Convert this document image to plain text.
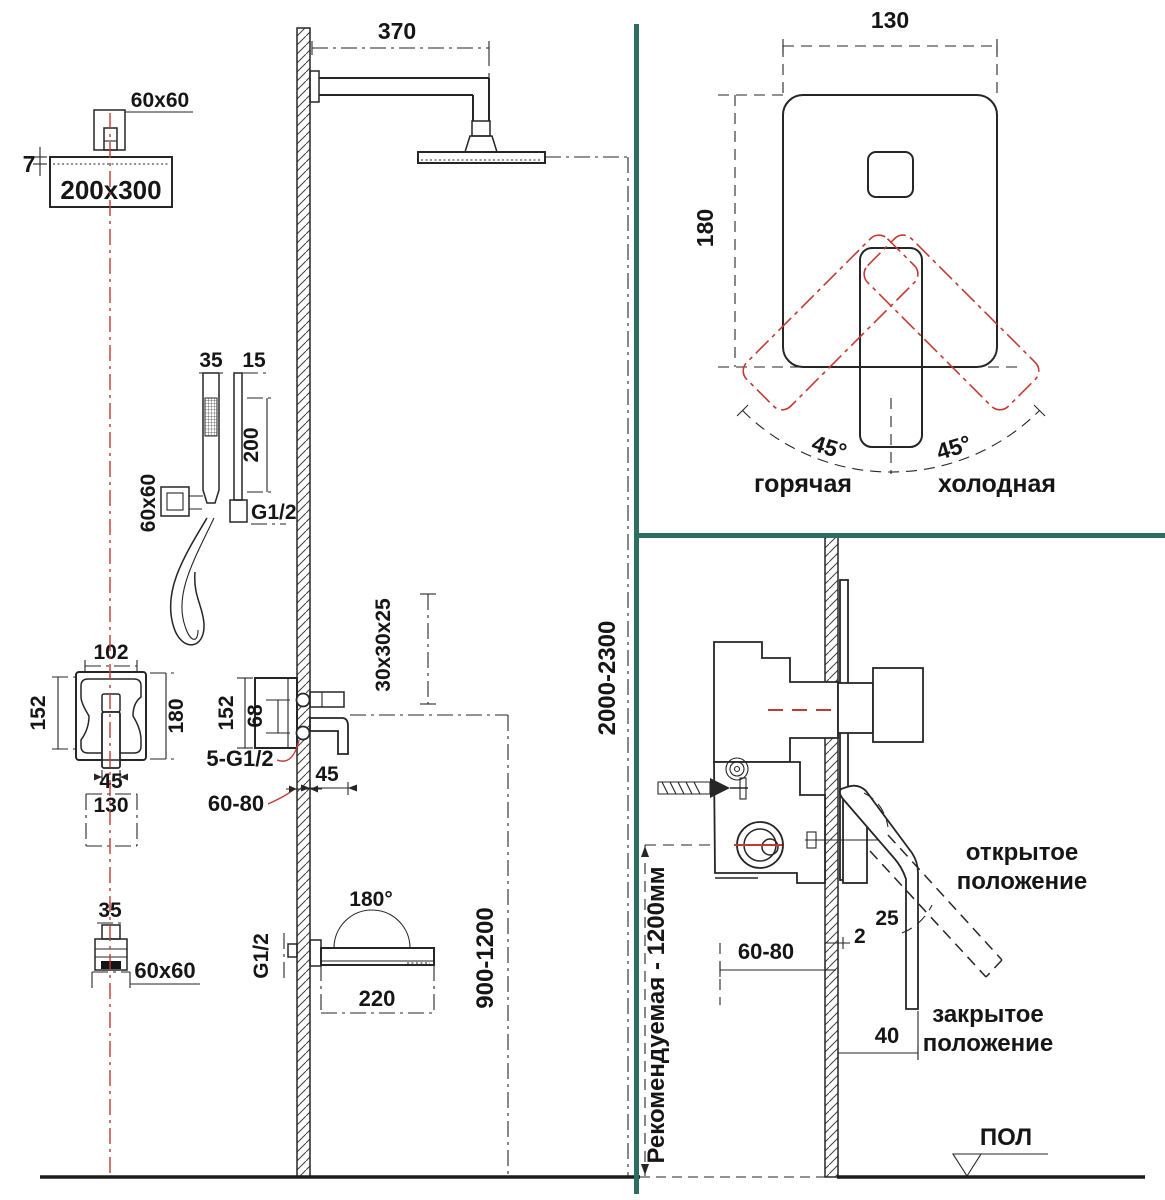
60x60
7
200x300
370
2000-2300
35 15
200
G1/2
60x60
102
152	180
45
130
152 68
30x30x25
5-G1/2
45
60-80
900-1200
35
60x60	G1/2
180°
220
130
180
45°	45°
горячая	холодная
2
25
60-80
40
Рекомендуемая - 1200мм
открытое
положение
закрытое
положение
ПОЛ
